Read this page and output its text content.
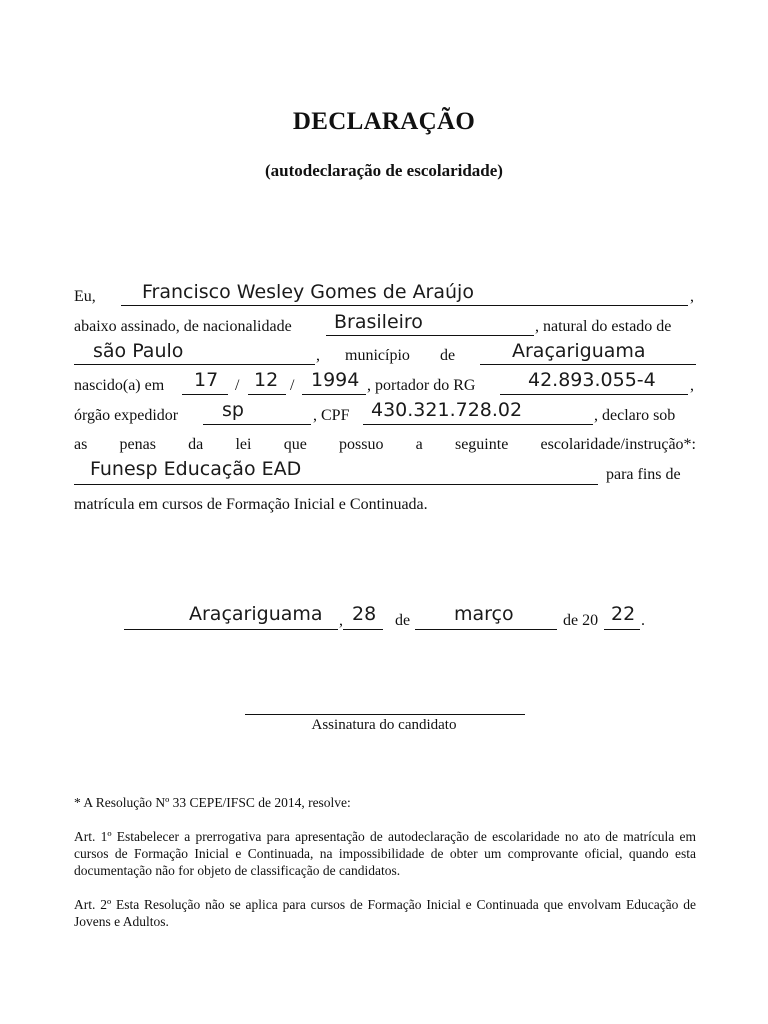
DECLARAÇÃO
(autodeclaração de escolaridade)
Eu, Francisco Wesley Gomes de Araújo	,
abaixo assinado, de nacionalidade Brasileiro	, natural do estado de
são Paulo	, município de	Araçariguama
nascido(a) em 17 / 12 / 1994 , portador do RG	42.893.055-4 ,
órgão expedidor sp	, CPF 430.321.728.02	, declaro sob
as penas da lei que possuo a seguinte escolaridade/instrução*:
Funesp Educação EAD	para fins de
matrícula em cursos de Formação Inicial e Continuada.
Araçariguama , 28 de março	de 20 22 .
Assinatura do candidato
* A Resolução Nº 33 CEPE/IFSC de 2014, resolve:
Art. 1º Estabelecer a prerrogativa para apresentação de autodeclaração de escolaridade no ato de matrícula em cursos de Formação Inicial e Continuada, na impossibilidade de obter um comprovante oficial, quando esta documentação não for objeto de classificação de candidatos.
Art. 2º Esta Resolução não se aplica para cursos de Formação Inicial e Continuada que envolvam Educação de Jovens e Adultos.
